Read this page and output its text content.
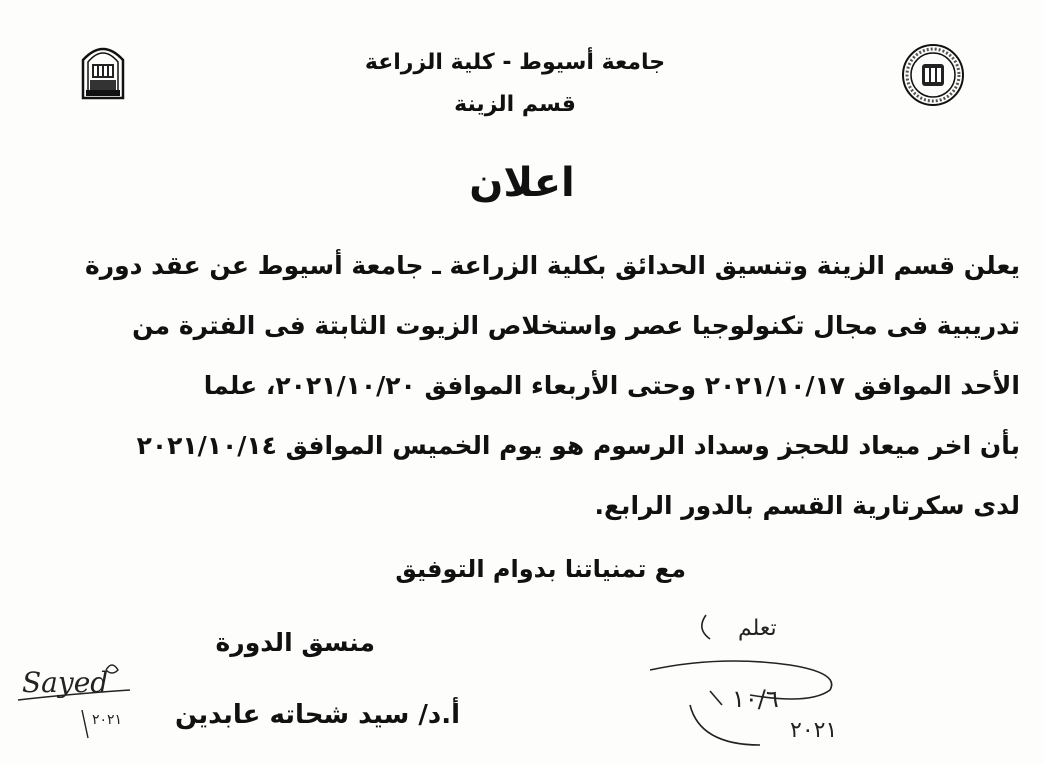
جامعة أسيوط - كلية الزراعة
قسم الزينة
اعلان
يعلن قسم الزينة وتنسيق الحدائق بكلية الزراعة ـ جامعة أسيوط عن عقد دورة
تدريبية فى مجال تكنولوجيا عصر واستخلاص الزيوت الثابتة فى الفترة من
الأحد الموافق ٢٠٢١/١٠/١٧ وحتى الأربعاء الموافق ٢٠٢١/١٠/٢٠، علما
بأن اخر ميعاد للحجز وسداد الرسوم هو يوم الخميس الموافق ٢٠٢١/١٠/١٤
لدى سكرتارية القسم بالدور الرابع.
مع تمنياتنا بدوام التوفيق
منسق الدورة
أ.د/ سيد شحاته عابدين
Sayed
٢٠٢١
تعلم
١٠/٦
٢٠٢١
